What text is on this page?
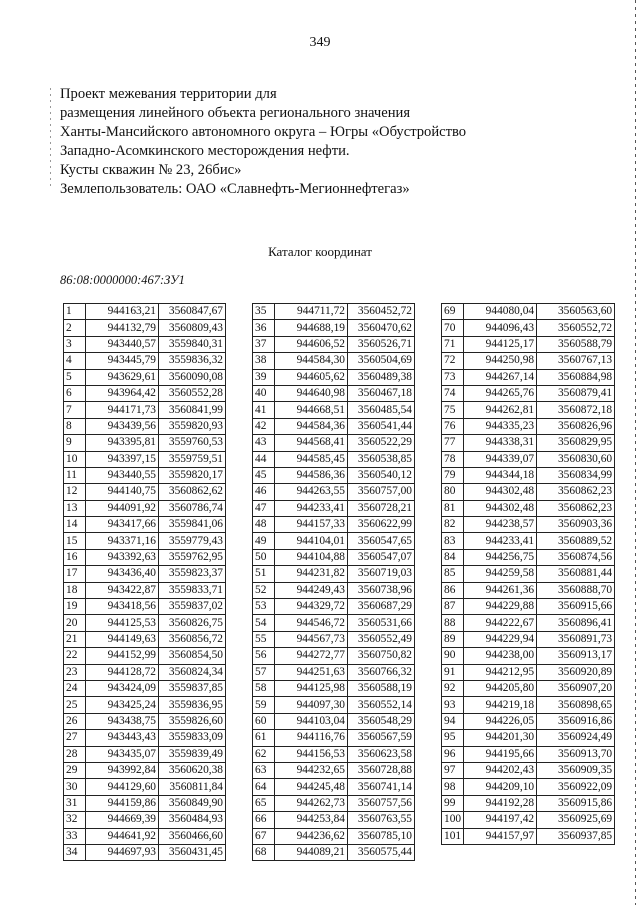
349
Проект межевания территории для
размещения линейного объекта регионального значения
Ханты-Мансийского автономного округа – Югры «Обустройство
Западно-Асомкинского месторождения нефти.
Кусты скважин № 23, 26бис»
Землепользователь: ОАО «Славнефть-Мегионнефтегаз»
Каталог координат
86:08:0000000:467:ЗУ1
1	944163,21	3560847,67
2	944132,79	3560809,43
3	943440,57	3559840,31
4	943445,79	3559836,32
5	943629,61	3560090,08
6	943964,42	3560552,28
7	944171,73	3560841,99
8	943439,56	3559820,93
9	943395,81	3559760,53
10	943397,15	3559759,51
11	943440,55	3559820,17
12	944140,75	3560862,62
13	944091,92	3560786,74
14	943417,66	3559841,06
15	943371,16	3559779,43
16	943392,63	3559762,95
17	943436,40	3559823,37
18	943422,87	3559833,71
19	943418,56	3559837,02
20	944125,53	3560826,75
21	944149,63	3560856,72
22	944152,99	3560854,50
23	944128,72	3560824,34
24	943424,09	3559837,85
25	943425,24	3559836,95
26	943438,75	3559826,60
27	943443,43	3559833,09
28	943435,07	3559839,49
29	943992,84	3560620,38
30	944129,60	3560811,84
31	944159,86	3560849,90
32	944669,39	3560484,93
33	944641,92	3560466,60
34	944697,93	3560431,45
35	944711,72	3560452,72
36	944688,19	3560470,62
37	944606,52	3560526,71
38	944584,30	3560504,69
39	944605,62	3560489,38
40	944640,98	3560467,18
41	944668,51	3560485,54
42	944584,36	3560541,44
43	944568,41	3560522,29
44	944585,45	3560538,85
45	944586,36	3560540,12
46	944263,55	3560757,00
47	944233,41	3560728,21
48	944157,33	3560622,99
49	944104,01	3560547,65
50	944104,88	3560547,07
51	944231,82	3560719,03
52	944249,43	3560738,96
53	944329,72	3560687,29
54	944546,72	3560531,66
55	944567,73	3560552,49
56	944272,77	3560750,82
57	944251,63	3560766,32
58	944125,98	3560588,19
59	944097,30	3560552,14
60	944103,04	3560548,29
61	944116,76	3560567,59
62	944156,53	3560623,58
63	944232,65	3560728,88
64	944245,48	3560741,14
65	944262,73	3560757,56
66	944253,84	3560763,55
67	944236,62	3560785,10
68	944089,21	3560575,44
69	944080,04	3560563,60
70	944096,43	3560552,72
71	944125,17	3560588,79
72	944250,98	3560767,13
73	944267,14	3560884,98
74	944265,76	3560879,41
75	944262,81	3560872,18
76	944335,23	3560826,96
77	944338,31	3560829,95
78	944339,07	3560830,60
79	944344,18	3560834,99
80	944302,48	3560862,23
81	944302,48	3560862,23
82	944238,57	3560903,36
83	944233,41	3560889,52
84	944256,75	3560874,56
85	944259,58	3560881,44
86	944261,36	3560888,70
87	944229,88	3560915,66
88	944222,67	3560896,41
89	944229,94	3560891,73
90	944238,00	3560913,17
91	944212,95	3560920,89
92	944205,80	3560907,20
93	944219,18	3560898,65
94	944226,05	3560916,86
95	944201,30	3560924,49
96	944195,66	3560913,70
97	944202,43	3560909,35
98	944209,10	3560922,09
99	944192,28	3560915,86
100	944197,42	3560925,69
101	944157,97	3560937,85
